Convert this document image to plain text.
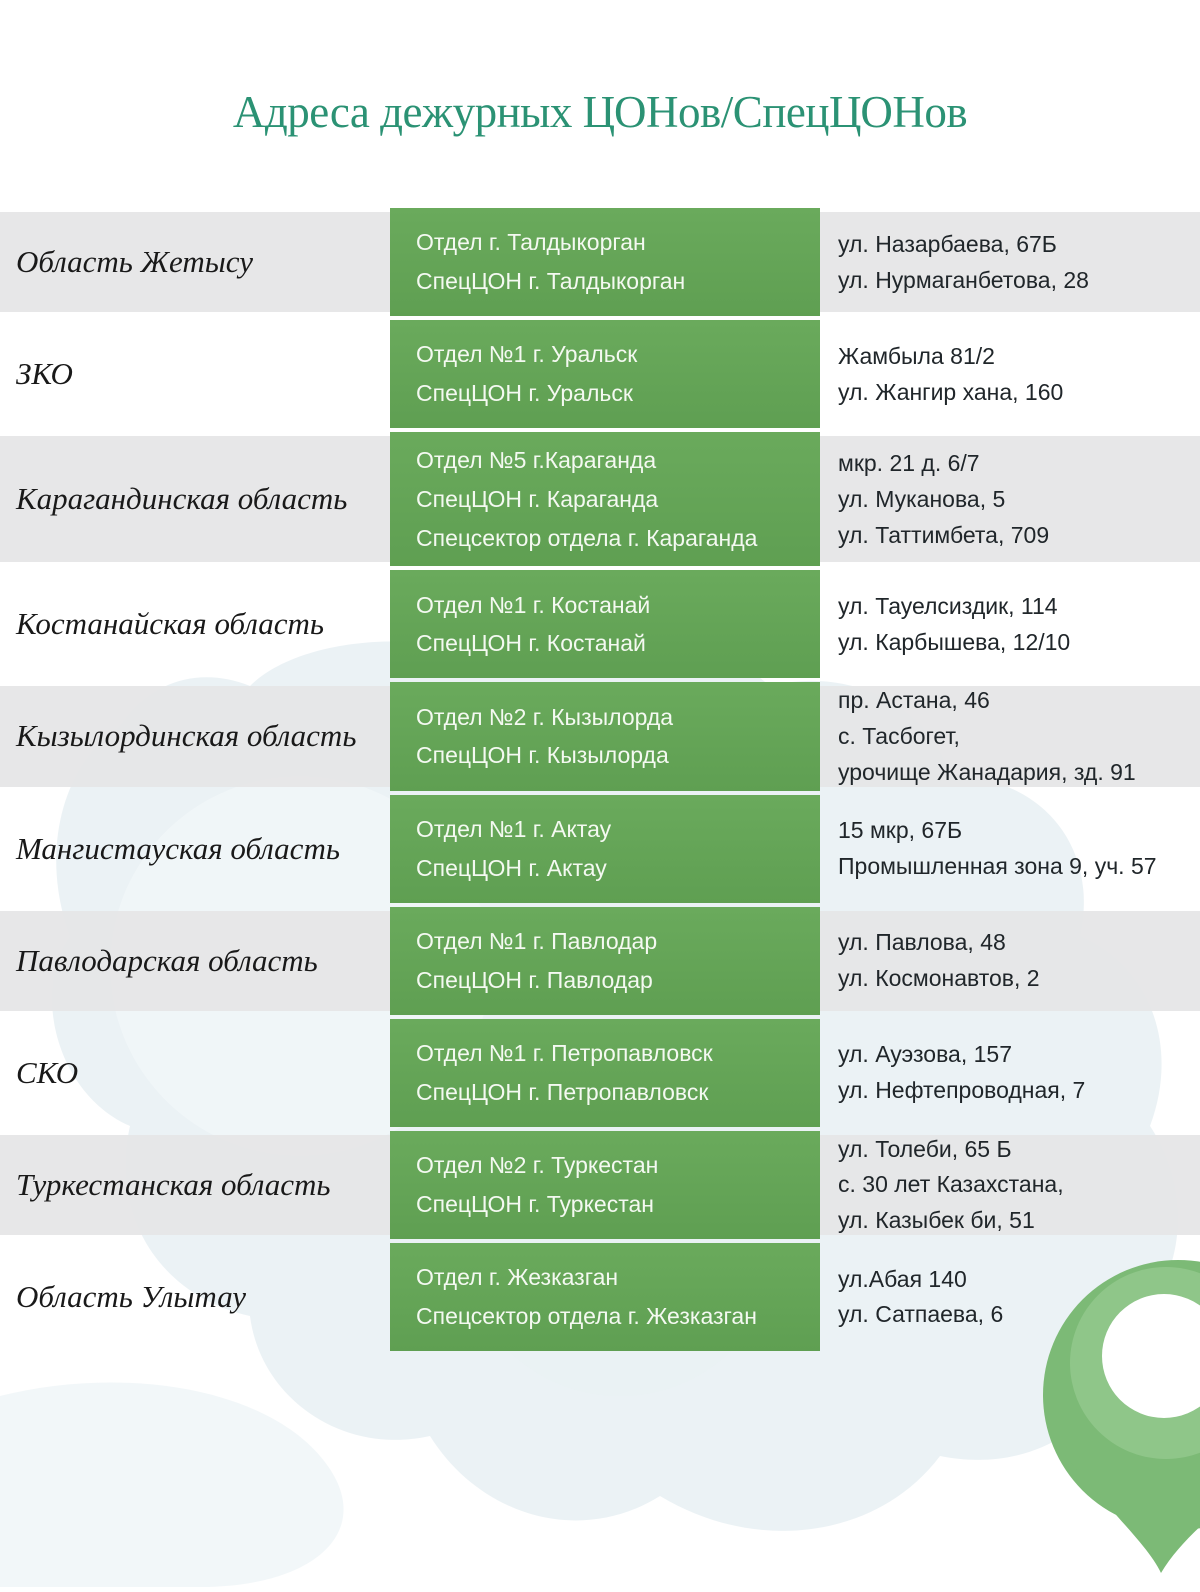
Адреса дежурных ЦОНов/СпецЦОНов
Область Жетысу
Отдел г. Талдыкорган
СпецЦОН г. Талдыкорган
ул. Назарбаева, 67Б
ул. Нурмаганбетова, 28
ЗКО
Отдел №1 г. Уральск
СпецЦОН г. Уральск
Жамбыла 81/2
ул. Жангир хана, 160
Карагандинская область
Отдел №5 г.Караганда
СпецЦОН г. Караганда
Спецсектор отдела г. Караганда
мкр. 21 д. 6/7
ул. Муканова, 5
ул. Таттимбета, 709
Костанайская область
Отдел №1 г. Костанай
СпецЦОН г. Костанай
ул. Тауелсиздик, 114
ул. Карбышева, 12/10
Кызылординская область
Отдел №2 г. Кызылорда
СпецЦОН г. Кызылорда
пр. Астана, 46
с. Тасбогет,
урочище Жанадария, зд. 91
Мангистауская область
Отдел №1 г. Актау
СпецЦОН г. Актау
15 мкр, 67Б
Промышленная зона 9, уч. 57
Павлодарская область
Отдел №1 г. Павлодар
СпецЦОН г. Павлодар
ул. Павлова, 48
ул. Космонавтов, 2
СКО
Отдел №1 г. Петропавловск
СпецЦОН г. Петропавловск
ул. Ауэзова, 157
ул. Нефтепроводная, 7
Туркестанская область
Отдел №2 г. Туркестан
СпецЦОН г. Туркестан
ул. Толеби, 65 Б
с. 30 лет Казахстана,
ул. Казыбек би, 51
Область Улытау
Отдел г. Жезказган
Спецсектор отдела г. Жезказган
ул.Абая 140
ул. Сатпаева, 6
